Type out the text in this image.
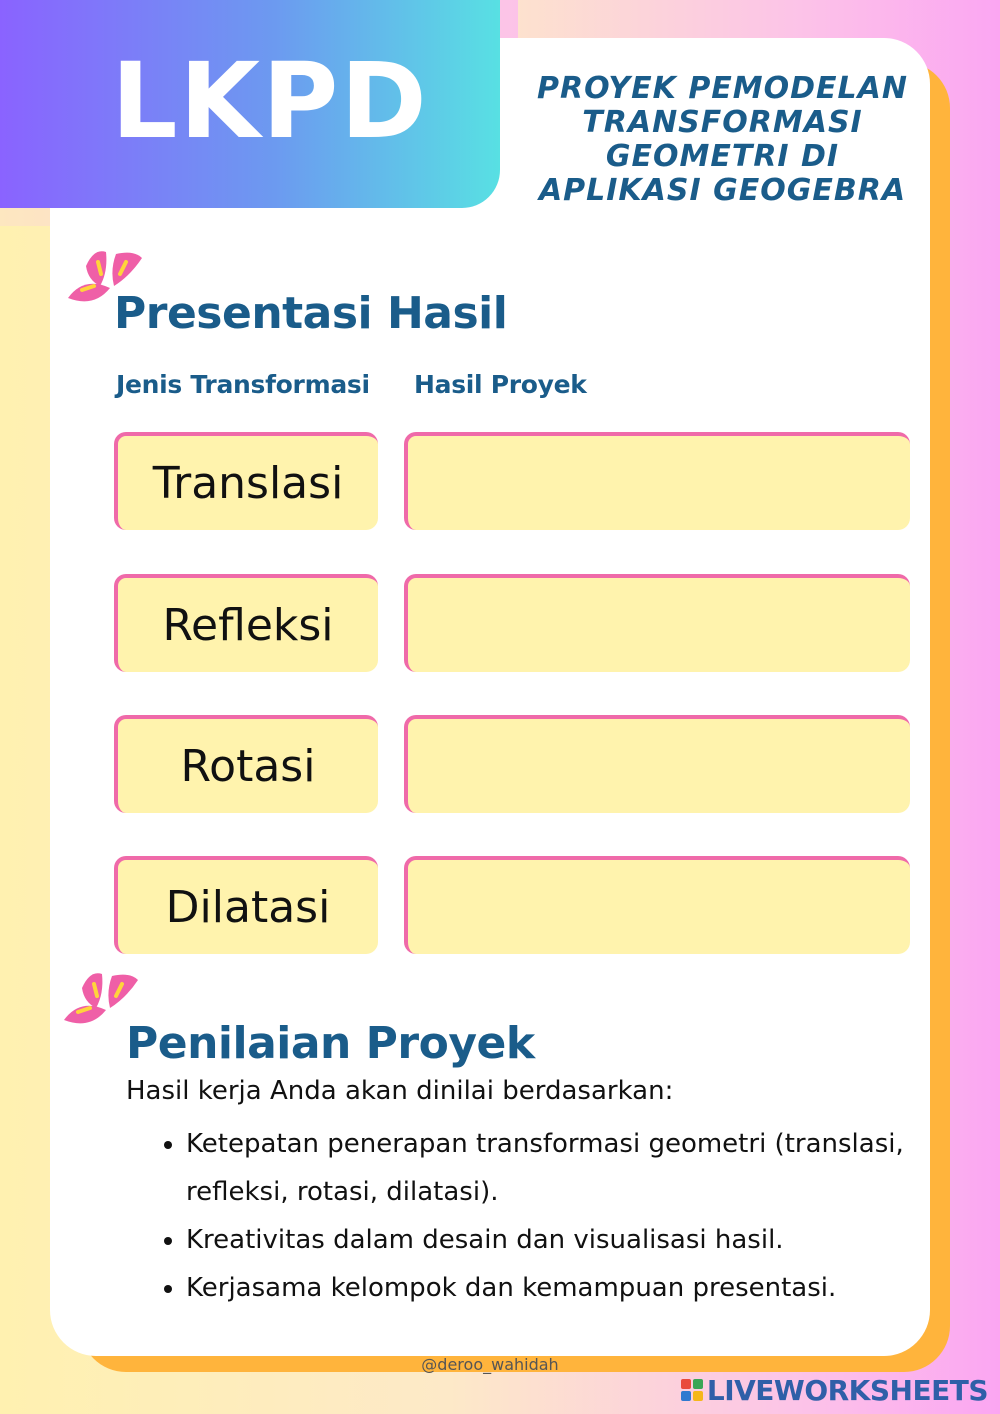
LKPD	PROYEK PEMODELAN TRANSFORMASI GEOMETRI DI APLIKASI GEOGEBRA
Presentasi Hasil
Jenis Transformasi Hasil Proyek
Translasi
Refleksi
Rotasi
Dilatasi
Penilaian Proyek
Hasil kerja Anda akan dinilai berdasarkan:
• Ketepatan penerapan transformasi geometri (translasi, refleksi, rotasi, dilatasi).
• Kreativitas dalam desain dan visualisasi hasil.
• Kerjasama kelompok dan kemampuan presentasi.
@deroo_wahidah
LIVEWORKSHEETS
